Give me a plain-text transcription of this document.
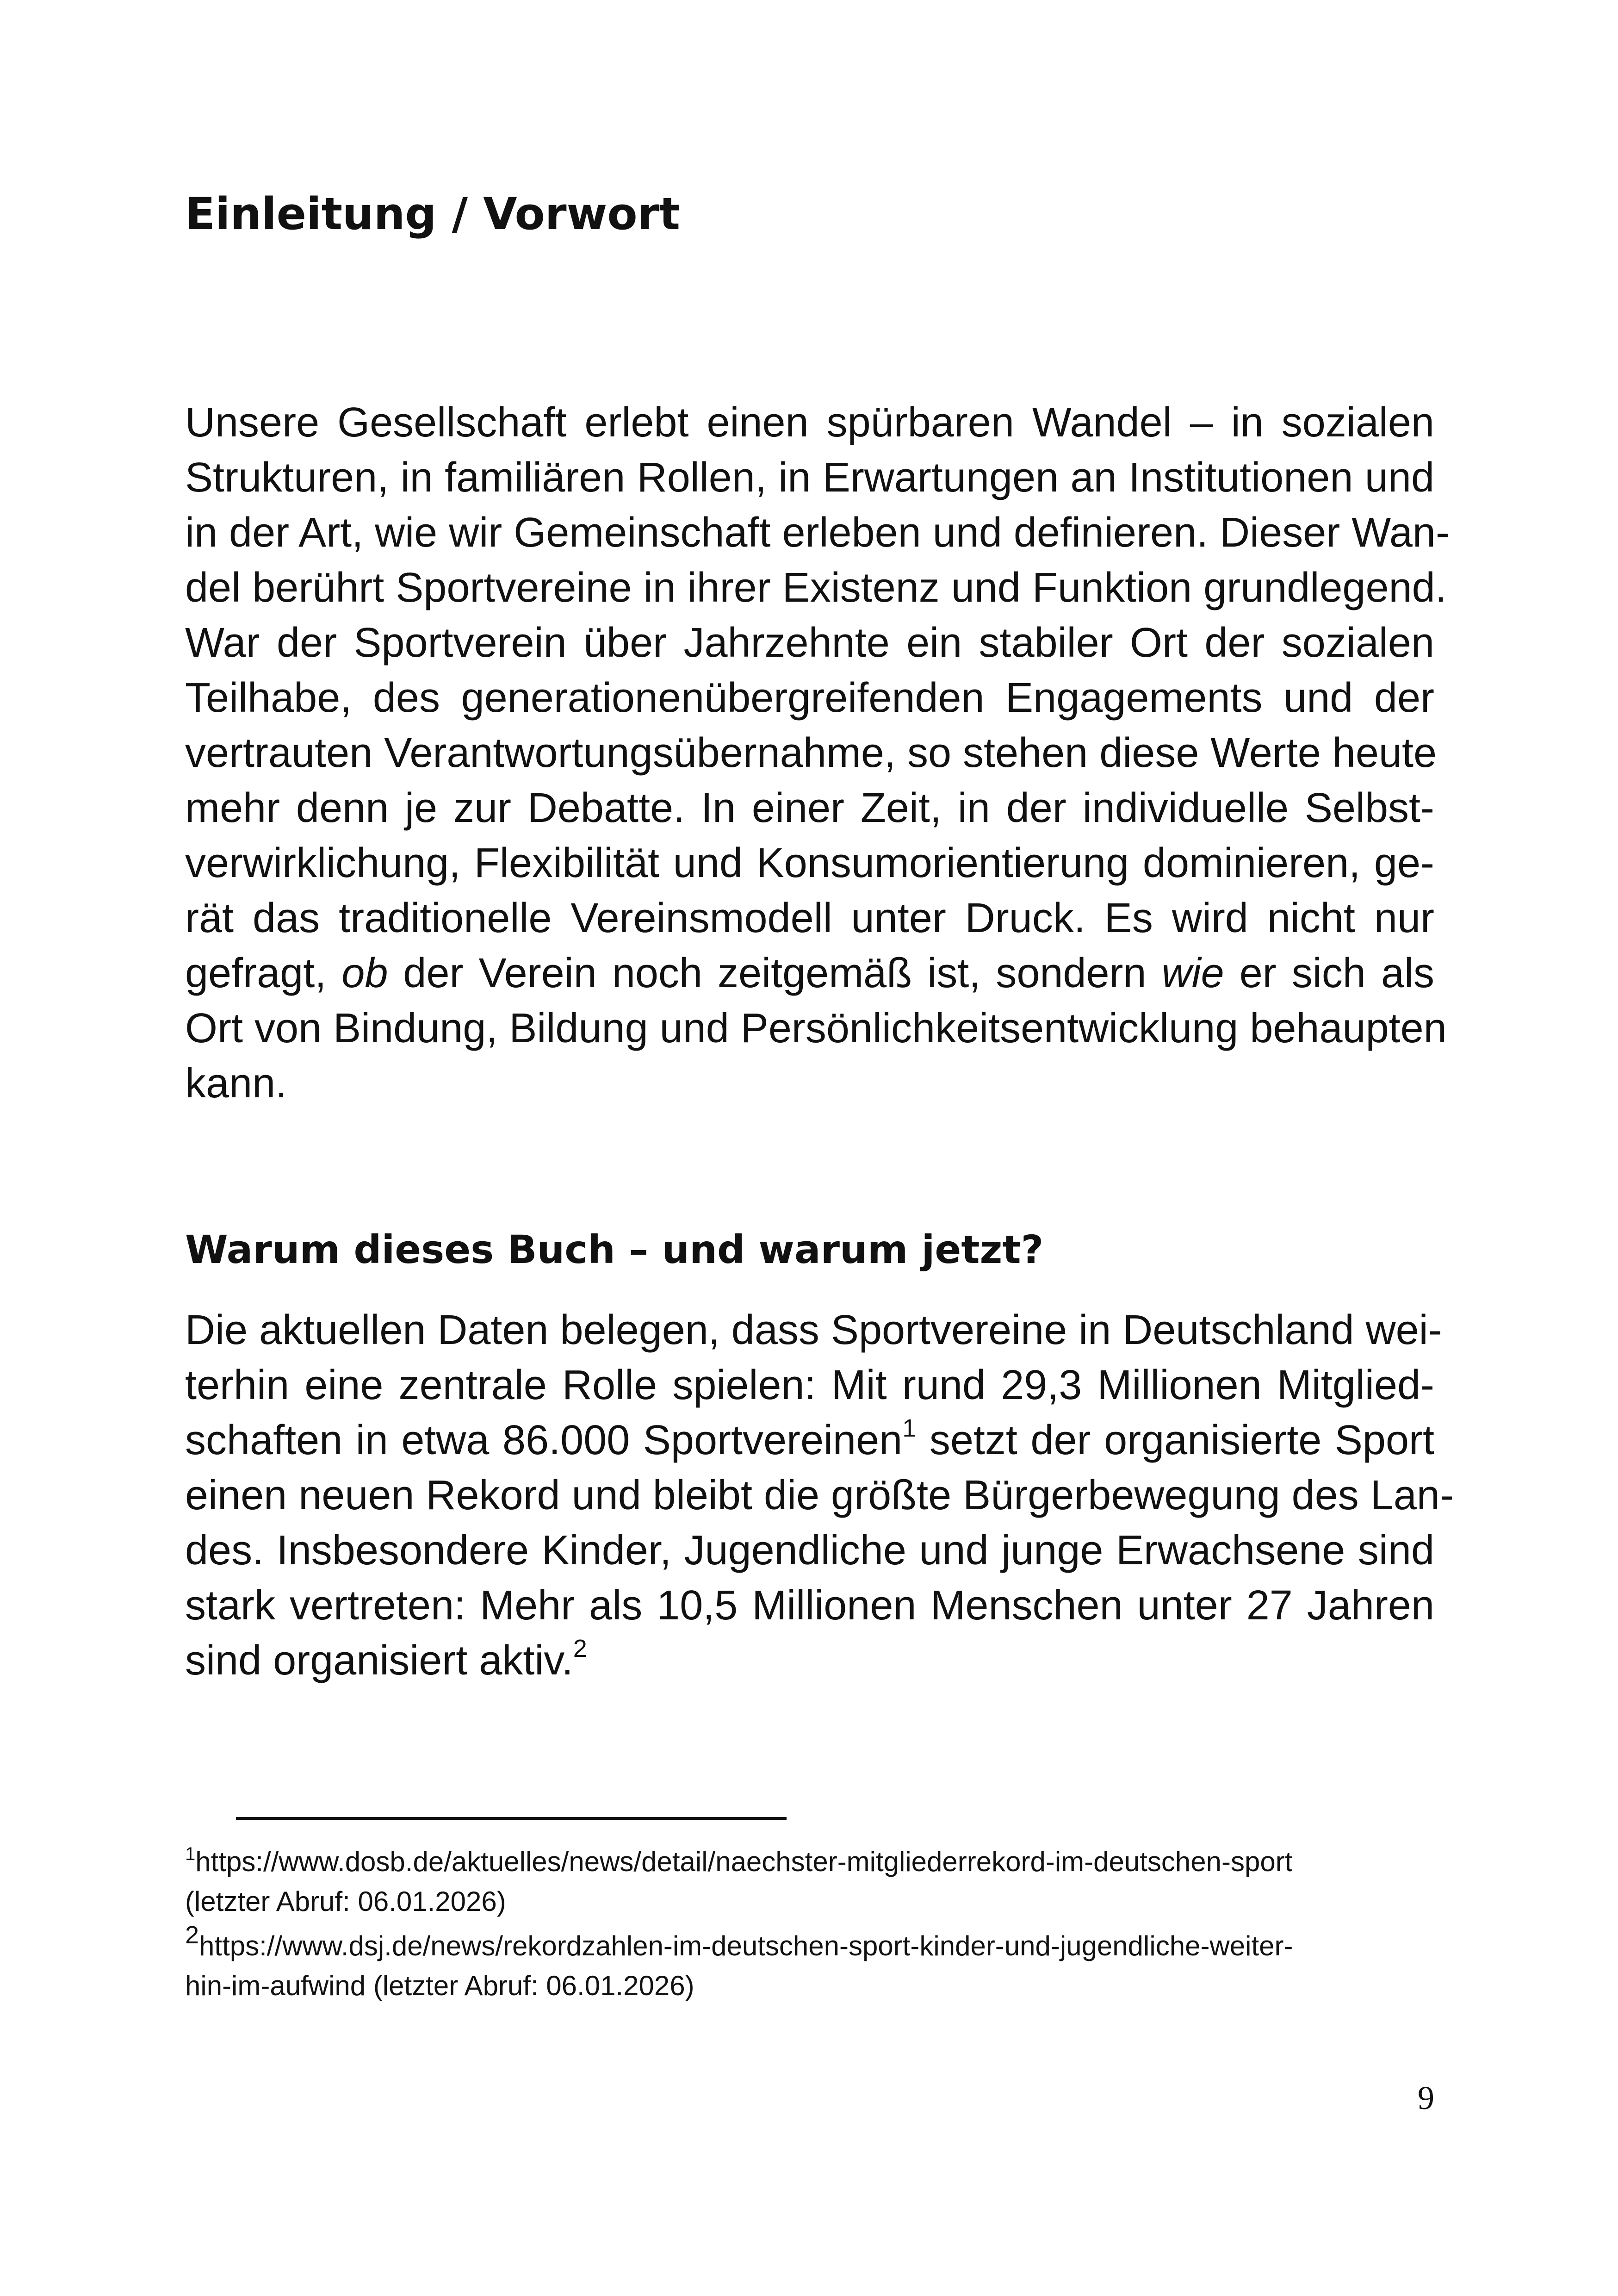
Einleitung / Vorwort
Unsere Gesellschaft erlebt einen spürbaren Wandel – in sozialen
Strukturen, in familiären Rollen, in Erwartungen an Institutionen und
in der Art, wie wir Gemeinschaft erleben und definieren. Dieser Wan-
del berührt Sportvereine in ihrer Existenz und Funktion grundlegend.
War der Sportverein über Jahrzehnte ein stabiler Ort der sozialen
Teilhabe, des generationenübergreifenden Engagements und der
vertrauten Verantwortungsübernahme, so stehen diese Werte heute
mehr denn je zur Debatte. In einer Zeit, in der individuelle Selbst-
verwirklichung, Flexibilität und Konsumorientierung dominieren, ge-
rät das traditionelle Vereinsmodell unter Druck. Es wird nicht nur
gefragt, ob der Verein noch zeitgemäß ist, sondern wie er sich als
Ort von Bindung, Bildung und Persönlichkeitsentwicklung behaupten
kann.
Warum dieses Buch – und warum jetzt?
Die aktuellen Daten belegen, dass Sportvereine in Deutschland wei-
terhin eine zentrale Rolle spielen: Mit rund 29,3 Millionen Mitglied-
schaften in etwa 86.000 Sportvereinen$^1$ setzt der organisierte Sport
einen neuen Rekord und bleibt die größte Bürgerbewegung des Lan-
des. Insbesondere Kinder, Jugendliche und junge Erwachsene sind
stark vertreten: Mehr als 10,5 Millionen Menschen unter 27 Jahren
sind organisiert aktiv.$^2$
$^1$https://www.dosb.de/aktuelles/news/detail/naechster-mitgliederrekord-im-deutschen-sport
(letzter Abruf: 06.01.2026)
$^2$https://www.dsj.de/news/rekordzahlen-im-deutschen-sport-kinder-und-jugendliche-weiter-
hin-im-aufwind (letzter Abruf: 06.01.2026)
9
